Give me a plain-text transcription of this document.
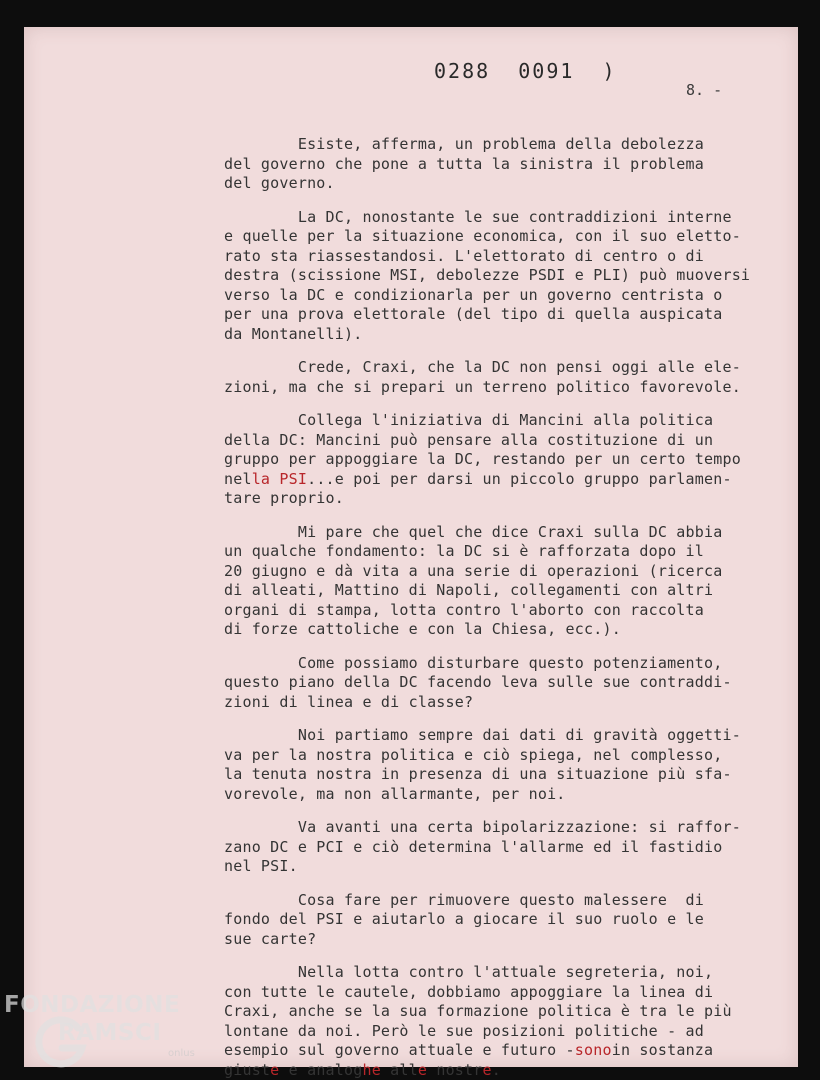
0288  0091  )
8. -
Esiste, afferma, un problema della debolezza
del governo che pone a tutta la sinistra il problema
del governo.
La DC, nonostante le sue contraddizioni interne
e quelle per la situazione economica, con il suo eletto-
rato sta riassestandosi. L'elettorato di centro o di
destra (scissione MSI, debolezze PSDI e PLI) può muoversi
verso la DC e condizionarla per un governo centrista o
per una prova elettorale (del tipo di quella auspicata
da Montanelli).
Crede, Craxi, che la DC non pensi oggi alle ele-
zioni, ma che si prepari un terreno politico favorevole.
Collega l'iniziativa di Mancini alla politica
della DC: Mancini può pensare alla costituzione di un
gruppo per appoggiare la DC, restando per un certo tempo
nella PSI...e poi per darsi un piccolo gruppo parlamen-
tare proprio.
Mi pare che quel che dice Craxi sulla DC abbia
un qualche fondamento: la DC si è rafforzata dopo il
20 giugno e dà vita a una serie di operazioni (ricerca
di alleati, Mattino di Napoli, collegamenti con altri
organi di stampa, lotta contro l'aborto con raccolta
di forze cattoliche e con la Chiesa, ecc.).
Come possiamo disturbare questo potenziamento,
questo piano della DC facendo leva sulle sue contraddi-
zioni di linea e di classe?
Noi partiamo sempre dai dati di gravità oggetti-
va per la nostra politica e ciò spiega, nel complesso,
la tenuta nostra in presenza di una situazione più sfa-
vorevole, ma non allarmante, per noi.
Va avanti una certa bipolarizzazione: si raffor-
zano DC e PCI e ciò determina l'allarme ed il fastidio
nel PSI.
Cosa fare per rimuovere questo malessere  di
fondo del PSI e aiutarlo a giocare il suo ruolo e le
sue carte?
Nella lotta contro l'attuale segreteria, noi,
con tutte le cautele, dobbiamo appoggiare la linea di
Craxi, anche se la sua formazione politica è tra le più
lontane da noi. Però le sue posizioni politiche - ad
esempio sul governo attuale e futuro -sonoin sostanza
giuste e analoghe alle nostre.
FONDAZIONE
RAMSCI
onlus
